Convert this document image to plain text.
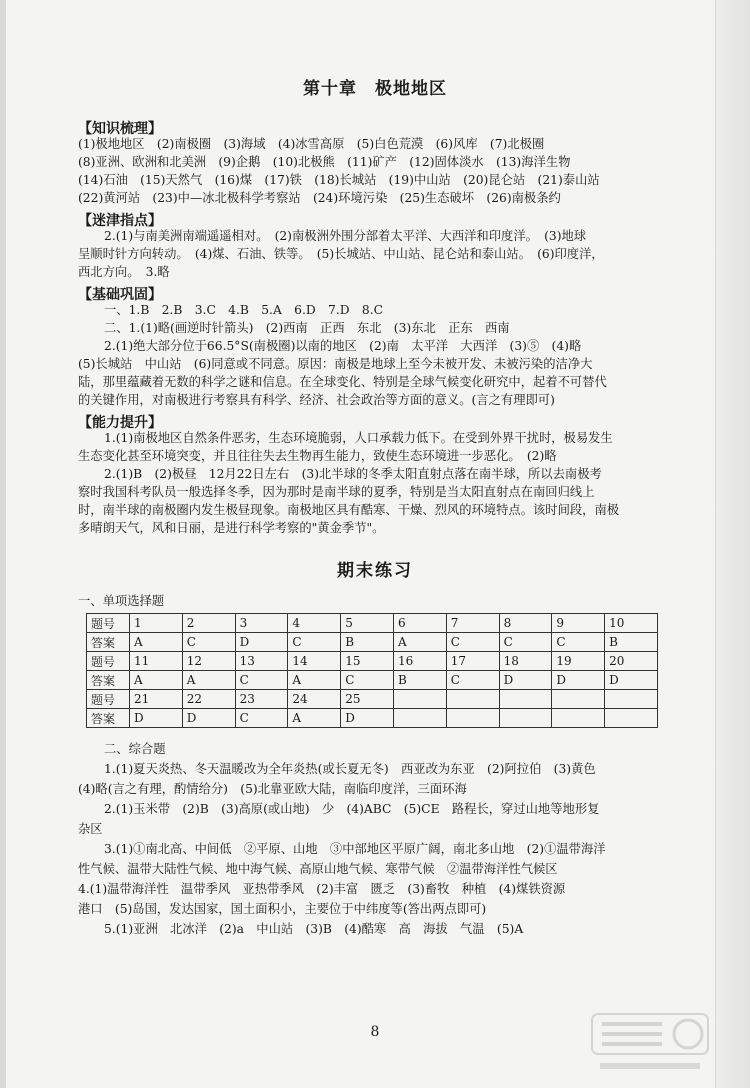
第十章　极地地区
【知识梳理】
(1)极地地区　(2)南极圈　(3)海域　(4)冰雪高原　(5)白色荒漠　(6)风库　(7)北极圈
(8)亚洲、欧洲和北美洲　(9)企鹅　(10)北极熊　(11)矿产　(12)固体淡水　(13)海洋生物
(14)石油　(15)天然气　(16)煤　(17)铁　(18)长城站　(19)中山站　(20)昆仑站　(21)泰山站
(22)黄河站　(23)中—冰北极科学考察站　(24)环境污染　(25)生态破坏　(26)南极条约
【迷津指点】
2.(1)与南美洲南端遥遥相对。　(2)南极洲外围分部着太平洋、大西洋和印度洋。　(3)地球
呈顺时针方向转动。　(4)煤、石油、铁等。　(5)长城站、中山站、昆仑站和泰山站。　(6)印度洋，
西北方向。　3.略
【基础巩固】
一、1.B　2.B　3.C　4.B　5.A　6.D　7.D　8.C
二、1.(1)略(画逆时针箭头)　(2)西南　正西　东北　(3)东北　正东　西南
2.(1)绝大部分位于66.5°S(南极圈)以南的地区　(2)南　太平洋　大西洋　(3)⑤　(4)略
(5)长城站　中山站　(6)同意或不同意。原因：南极是地球上至今未被开发、未被污染的洁净大
陆，那里蕴藏着无数的科学之谜和信息。在全球变化、特别是全球气候变化研究中，起着不可替代
的关键作用，对南极进行考察具有科学、经济、社会政治等方面的意义。(言之有理即可)
【能力提升】
1.(1)南极地区自然条件恶劣，生态环境脆弱，人口承载力低下。在受到外界干扰时，极易发生
生态变化甚至环境突变，并且往往失去生物再生能力，致使生态环境进一步恶化。　(2)略
2.(1)B　(2)极昼　12月22日左右　(3)北半球的冬季太阳直射点落在南半球，所以去南极考
察时我国科考队员一般选择冬季，因为那时是南半球的夏季，特别是当太阳直射点在南回归线上
时，南半球的南极圈内发生极昼现象。南极地区具有酷寒、干燥、烈风的环境特点。该时间段，南极
多晴朗天气，风和日丽，是进行科学考察的"黄金季节"。
期末练习
一、单项选择题
题号	1	2	3	4	5	6	7	8	9	10
答案	A	C	D	C	B	A	C	C	C	B
题号	11	12	13	14	15	16	17	18	19	20
答案	A	A	C	A	C	B	C	D	D	D
题号	21	22	23	24	25					
答案	D	D	C	A	D					
二、综合题
1.(1)夏天炎热、冬天温暖改为全年炎热(或长夏无冬)　西亚改为东亚　(2)阿拉伯　(3)黄色
(4)略(言之有理，酌情给分)　(5)北靠亚欧大陆，南临印度洋，三面环海
2.(1)玉米带　(2)B　(3)高原(或山地)　少　(4)ABC　(5)CE　路程长，穿过山地等地形复
杂区
3.(1)①南北高、中间低　②平原、山地　③中部地区平原广阔，南北多山地　(2)①温带海洋
性气候、温带大陆性气候、地中海气候、高原山地气候、寒带气候　②温带海洋性气候区
4.(1)温带海洋性　温带季风　亚热带季风　(2)丰富　匮乏　(3)畜牧　种植　(4)煤铁资源
港口　(5)岛国，发达国家，国土面积小，主要位于中纬度等(答出两点即可)
5.(1)亚洲　北冰洋　(2)a　中山站　(3)B　(4)酷寒　高　海拔　气温　(5)A
8
